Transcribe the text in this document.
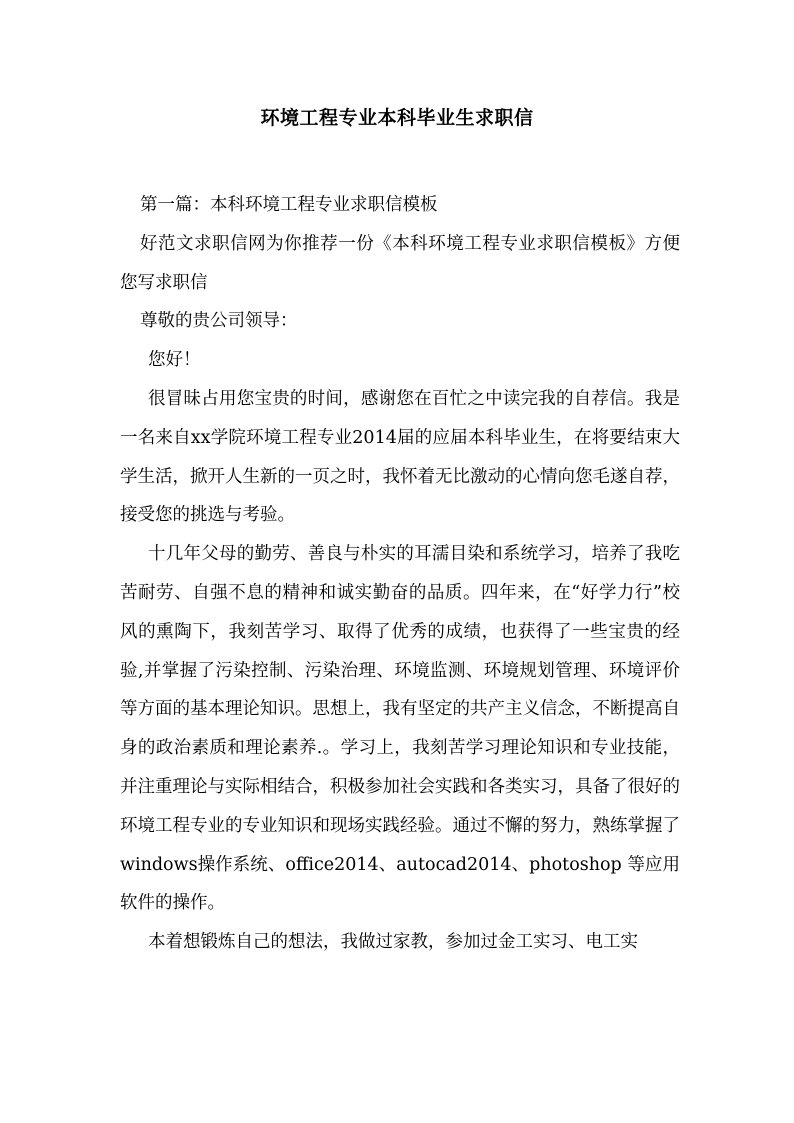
环境工程专业本科毕业生求职信

第一篇：本科环境工程专业求职信模板

好范文求职信网为你推荐一份《本科环境工程专业求职信模板》方便您写求职信

尊敬的贵公司领导：

您好！

很冒昧占用您宝贵的时间，感谢您在百忙之中读完我的自荐信。我是一名来自xx学院环境工程专业2014届的应届本科毕业生，在将要结束大学生活，掀开人生新的一页之时，我怀着无比激动的心情向您毛遂自荐，接受您的挑选与考验。

十几年父母的勤劳、善良与朴实的耳濡目染和系统学习，培养了我吃苦耐劳、自强不息的精神和诚实勤奋的品质。四年来，在“好学力行”校风的熏陶下，我刻苦学习、取得了优秀的成绩，也获得了一些宝贵的经验,并掌握了污染控制、污染治理、环境监测、环境规划管理、环境评价等方面的基本理论知识。思想上，我有坚定的共产主义信念，不断提高自身的政治素质和理论素养.。学习上，我刻苦学习理论知识和专业技能，并注重理论与实际相结合，积极参加社会实践和各类实习，具备了很好的环境工程专业的专业知识和现场实践经验。通过不懈的努力，熟练掌握了windows操作系统、office2014、autocad2014、photoshop 等应用软件的操作。

本着想锻炼自己的想法，我做过家教，参加过金工实习、电工实
